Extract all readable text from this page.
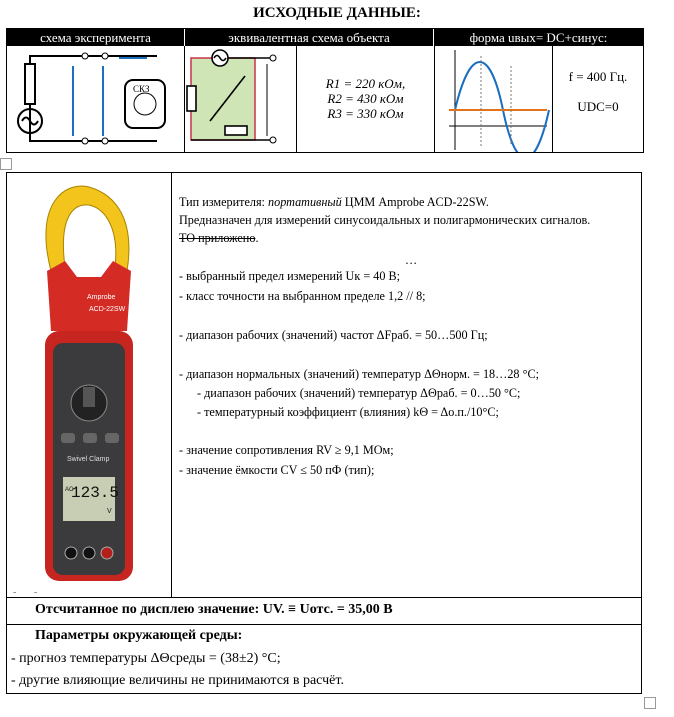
ИСХОДНЫЕ ДАННЫЕ:
схема эксперимента	эквивалентная схема объекта	форма uвых= DC+синус:
СКЗ	R1 = 220 кОм,
R2 = 430 кОм
R3 = 330 кОм
f = 400 Гц.
UDC=0
Amprobe
ACD-22SW
Swivel Clamp
AC
123.5
V
-       -
Тип измерителя: портативный ЦММ Amprobe ACD-22SW.
Предназначен для измерений синусоидальных и полигармонических сигналов.
ТО приложено.
…
- выбранный предел измерений Uк = 40 В;
- класс точности на выбранном пределе 1,2 // 8;
- диапазон рабочих (значений) частот ΔFраб. = 50…500 Гц;
- диапазон нормальных (значений) температур ΔΘнорм. = 18…28 °С;
- диапазон рабочих (значений) температур ΔΘраб. = 0…50 °С;
- температурный коэффициент (влияния) kΘ = Δо.п./10°С;
- значение сопротивления RV ≥ 9,1 МОм;
- значение ёмкости CV ≤ 50 пФ (тип);
Отсчитанное по дисплею значение: UV. ≡ Uотс. = 35,00 В
Параметры окружающей среды:
- прогноз температуры ΔΘсреды = (38±2) °С;
- другие влияющие величины не принимаются в расчёт.
